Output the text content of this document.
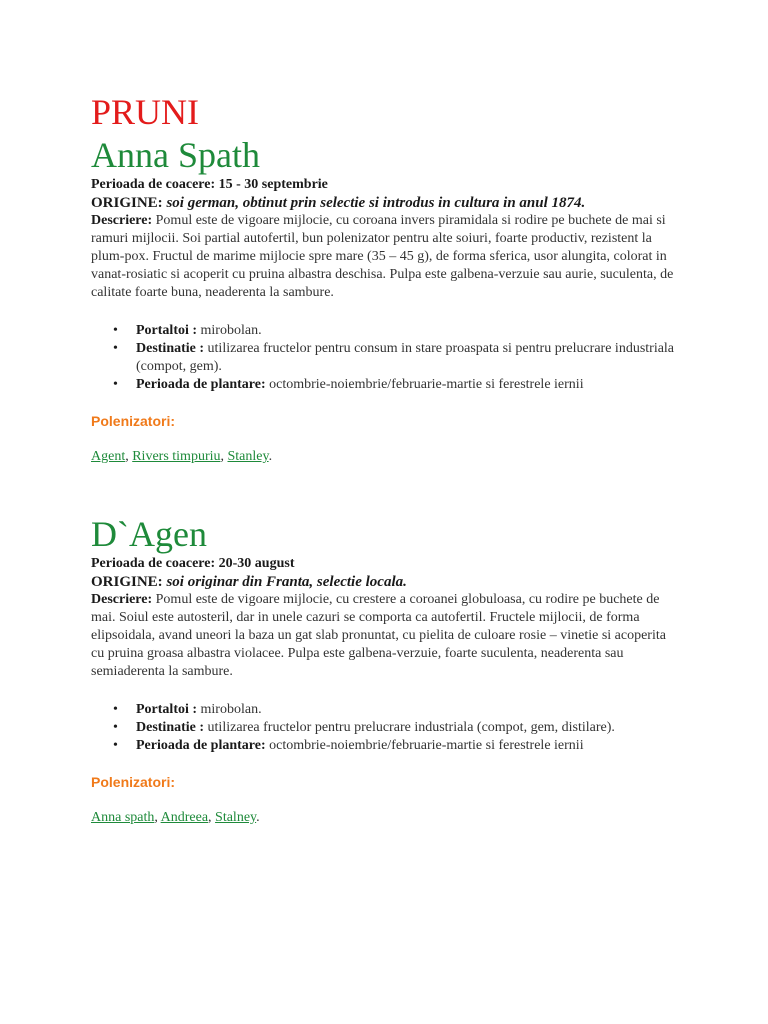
PRUNI
Anna Spath

Perioada de coacere: 15 - 30 septembrie

ORIGINE: soi german, obtinut prin selectie si introdus in cultura in anul 1874.

Descriere: Pomul este de vigoare mijlocie, cu coroana invers piramidala si rodire pe buchete de mai si ramuri mijlocii. Soi partial autofertil, bun polenizator pentru alte soiuri, foarte productiv, rezistent la plum-pox. Fructul de marime mijlocie spre mare (35 – 45 g), de forma sferica, usor alungita, colorat in vanat-rosiatic si acoperit cu pruina albastra deschisa. Pulpa este galbena-verzuie sau aurie, suculenta, de calitate foarte buna, neaderenta la sambure.

• Portaltoi : mirobolan.
• Destinatie : utilizarea fructelor pentru consum in stare proaspata si pentru prelucrare industriala (compot, gem).
• Perioada de plantare: octombrie-noiembrie/februarie-martie si ferestrele iernii

Polenizatori:

Agent, Rivers timpuriu, Stanley.

D`Agen

Perioada de coacere: 20-30 august

ORIGINE: soi originar din Franta, selectie locala.

Descriere: Pomul este de vigoare mijlocie, cu crestere a coroanei globuloasa, cu rodire pe buchete de mai. Soiul este autosteril, dar in unele cazuri se comporta ca autofertil. Fructele mijlocii, de forma elipsoidala, avand uneori la baza un gat slab pronuntat, cu pielita de culoare rosie – vinetie si acoperita cu pruina groasa albastra violacee. Pulpa este galbena-verzuie, foarte suculenta, neaderenta sau semiaderenta la sambure.

• Portaltoi : mirobolan.
• Destinatie : utilizarea fructelor pentru prelucrare industriala (compot, gem, distilare).
• Perioada de plantare: octombrie-noiembrie/februarie-martie si ferestrele iernii

Polenizatori:

Anna spath, Andreea, Stalney.
